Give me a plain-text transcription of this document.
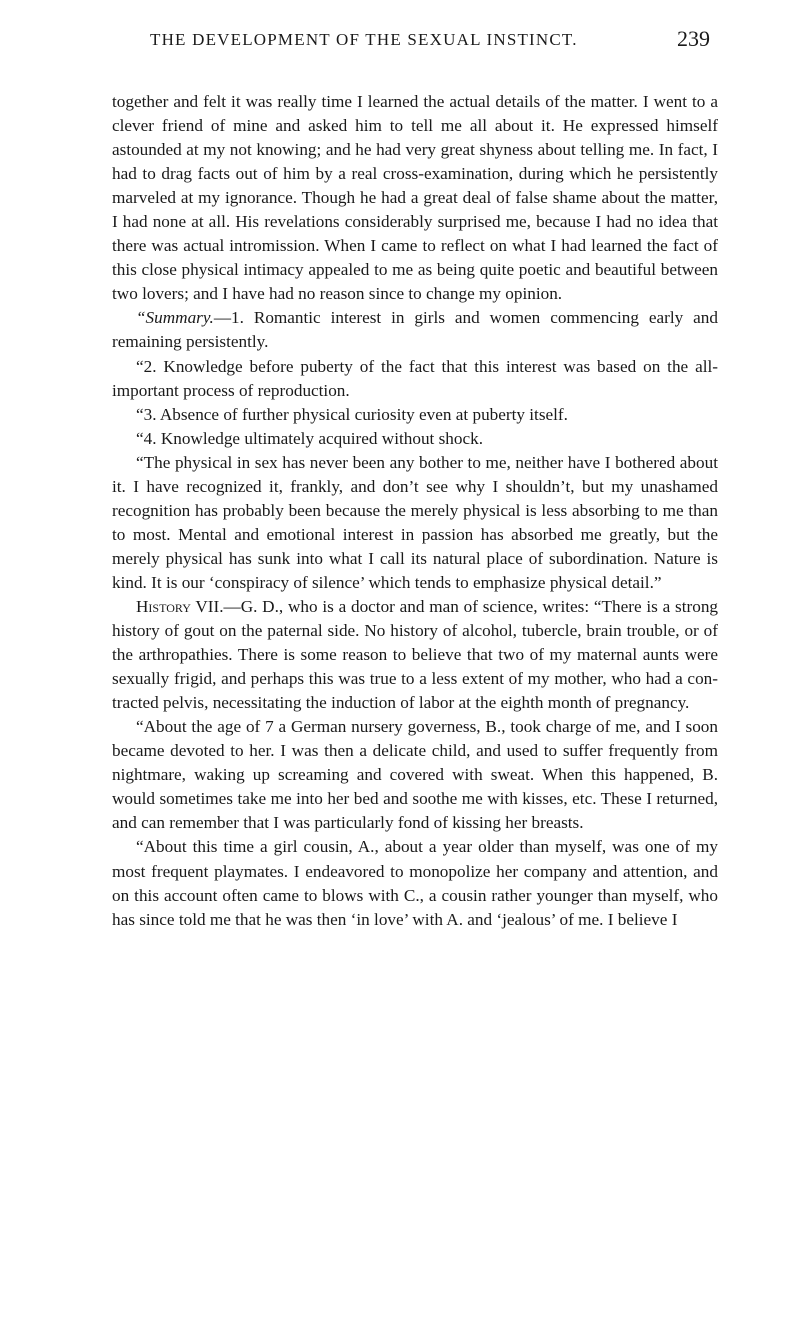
THE DEVELOPMENT OF THE SEXUAL INSTINCT.	239

together and felt it was really time I learned the actual details of the matter. I went to a clever friend of mine and asked him to tell me all about it. He expressed himself astounded at my not knowing; and he had very great shyness about telling me. In fact, I had to drag facts out of him by a real cross-examination, during which he persistently marveled at my ignorance. Though he had a great deal of false shame about the matter, I had none at all. His revelations considerably surprised me, because I had no idea that there was actual intromission. When I came to reflect on what I had learned the fact of this close physical intimacy appealed to me as being quite poetic and beautiful between two lovers; and I have had no reason since to change my opinion.

“Summary.—1. Romantic interest in girls and women commencing early and remaining persistently.

“2. Knowledge before puberty of the fact that this interest was based on the all-important process of reproduction.

“3. Absence of further physical curiosity even at puberty itself.

“4. Knowledge ultimately acquired without shock.

“The physical in sex has never been any bother to me, neither have I bothered about it. I have recognized it, frankly, and don’t see why I shouldn’t, but my unashamed recognition has probably been because the merely physical is less absorbing to me than to most. Mental and emotional interest in passion has absorbed me greatly, but the merely physical has sunk into what I call its natural place of subordination. Nature is kind. It is our ‘conspiracy of silence’ which tends to emphasize physical detail.”

History VII.—G. D., who is a doctor and man of science, writes: “There is a strong history of gout on the paternal side. No history of alcohol, tubercle, brain trouble, or of the arthropathies. There is some reason to believe that two of my maternal aunts were sexually frigid, and perhaps this was true to a less extent of my mother, who had a contracted pelvis, necessitating the induction of labor at the eighth month of pregnancy.

“About the age of 7 a German nursery governess, B., took charge of me, and I soon became devoted to her. I was then a delicate child, and used to suffer frequently from nightmare, waking up screaming and covered with sweat. When this happened, B. would sometimes take me into her bed and soothe me with kisses, etc. These I returned, and can remember that I was particularly fond of kissing her breasts.

“About this time a girl cousin, A., about a year older than myself, was one of my most frequent playmates. I endeavored to monopolize her company and attention, and on this account often came to blows with C., a cousin rather younger than myself, who has since told me that he was then ‘in love’ with A. and ‘jealous’ of me. I believe I
